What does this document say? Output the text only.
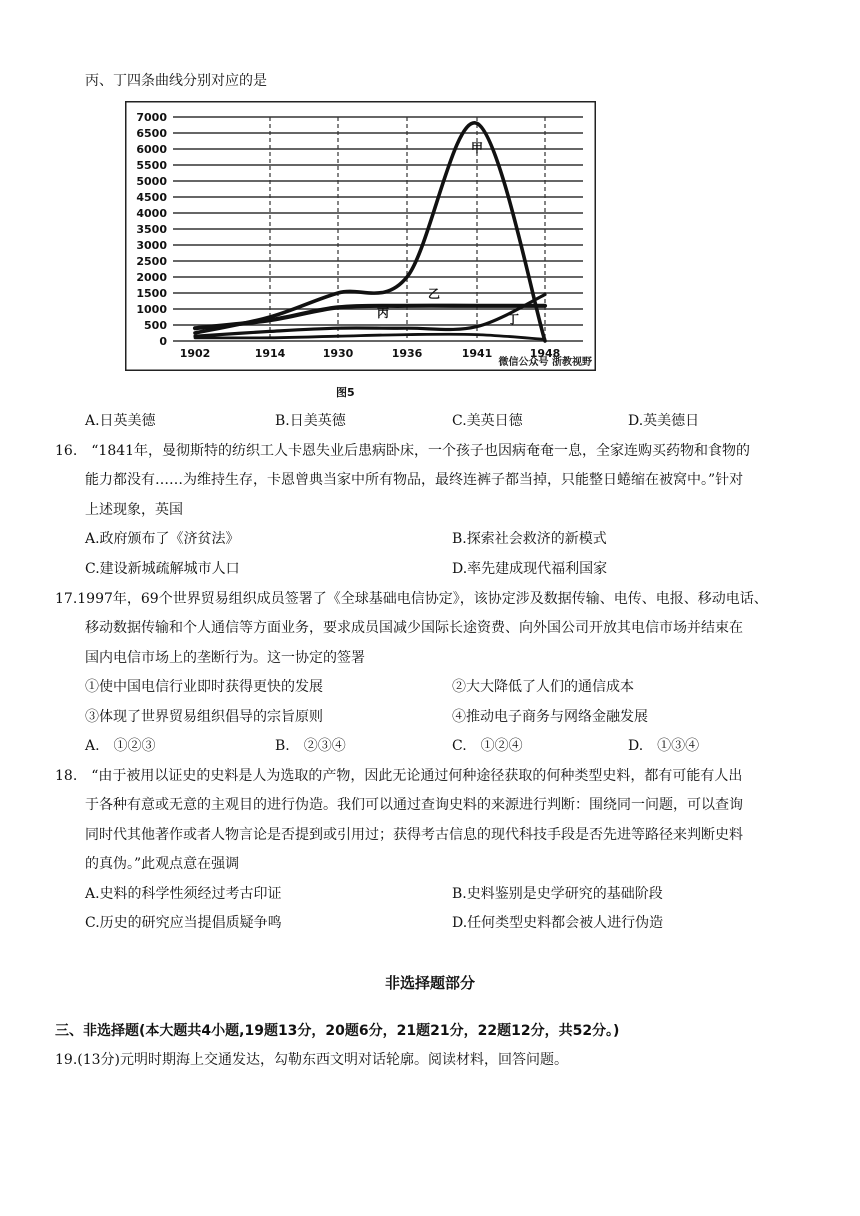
丙、丁四条曲线分别对应的是
0
500
1000
1500
2000
2500
3000
3500
4000
4500
5000
5500
6000
6500
7000
1902	1914	1930	1936	1941	1948
甲
乙
丙	丁
微信公众号 浙教视野
图5
A.日英美德	B.日美英德	C.美英日德	D.英美德日
16.　“1841年，曼彻斯特的纺织工人卡恩失业后患病卧床，一个孩子也因病奄奄一息，全家连购买药物和食物的
能力都没有……为维持生存，卡恩曾典当家中所有物品，最终连裤子都当掉，只能整日蜷缩在被窝中。”针对
上述现象，英国
A.政府颁布了《济贫法》	B.探索社会救济的新模式
C.建设新城疏解城市人口	D.率先建成现代福利国家
17.1997年，69个世界贸易组织成员签署了《全球基础电信协定》，该协定涉及数据传输、电传、电报、移动电话、
移动数据传输和个人通信等方面业务，要求成员国减少国际长途资费、向外国公司开放其电信市场并结束在
国内电信市场上的垄断行为。这一协定的签署
①使中国电信行业即时获得更快的发展	②大大降低了人们的通信成本
③体现了世界贸易组织倡导的宗旨原则	④推动电子商务与网络金融发展
A.　①②③	B.　②③④	C.　①②④	D.　①③④
18.　“由于被用以证史的史料是人为选取的产物，因此无论通过何种途径获取的何种类型史料，都有可能有人出
于各种有意或无意的主观目的进行伪造。我们可以通过查询史料的来源进行判断：围绕同一问题，可以查询
同时代其他著作或者人物言论是否提到或引用过；获得考古信息的现代科技手段是否先进等路径来判断史料
的真伪。”此观点意在强调
A.史料的科学性须经过考古印证	B.史料鉴别是史学研究的基础阶段
C.历史的研究应当提倡质疑争鸣	D.任何类型史料都会被人进行伪造
非选择题部分
三、非选择题(本大题共4小题,19题13分，20题6分，21题21分，22题12分，共52分。)
19.(13分)元明时期海上交通发达，勾勒东西文明对话轮廓。阅读材料，回答问题。
